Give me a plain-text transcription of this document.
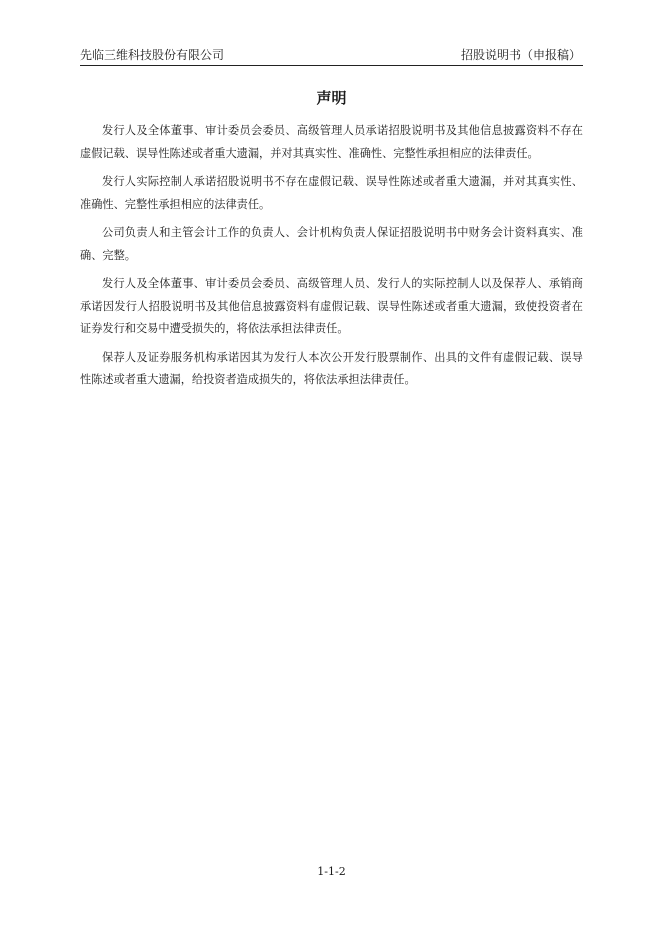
先临三维科技股份有限公司	招股说明书（申报稿）
声明

发行人及全体董事、审计委员会委员、高级管理人员承诺招股说明书及其他信息披露资料不存在虚假记载、误导性陈述或者重大遗漏，并对其真实性、准确性、完整性承担相应的法律责任。

发行人实际控制人承诺招股说明书不存在虚假记载、误导性陈述或者重大遗漏，并对其真实性、准确性、完整性承担相应的法律责任。

公司负责人和主管会计工作的负责人、会计机构负责人保证招股说明书中财务会计资料真实、准确、完整。

发行人及全体董事、审计委员会委员、高级管理人员、发行人的实际控制人以及保荐人、承销商承诺因发行人招股说明书及其他信息披露资料有虚假记载、误导性陈述或者重大遗漏，致使投资者在证券发行和交易中遭受损失的，将依法承担法律责任。

保荐人及证券服务机构承诺因其为发行人本次公开发行股票制作、出具的文件有虚假记载、误导性陈述或者重大遗漏，给投资者造成损失的，将依法承担法律责任。

1-1-2
